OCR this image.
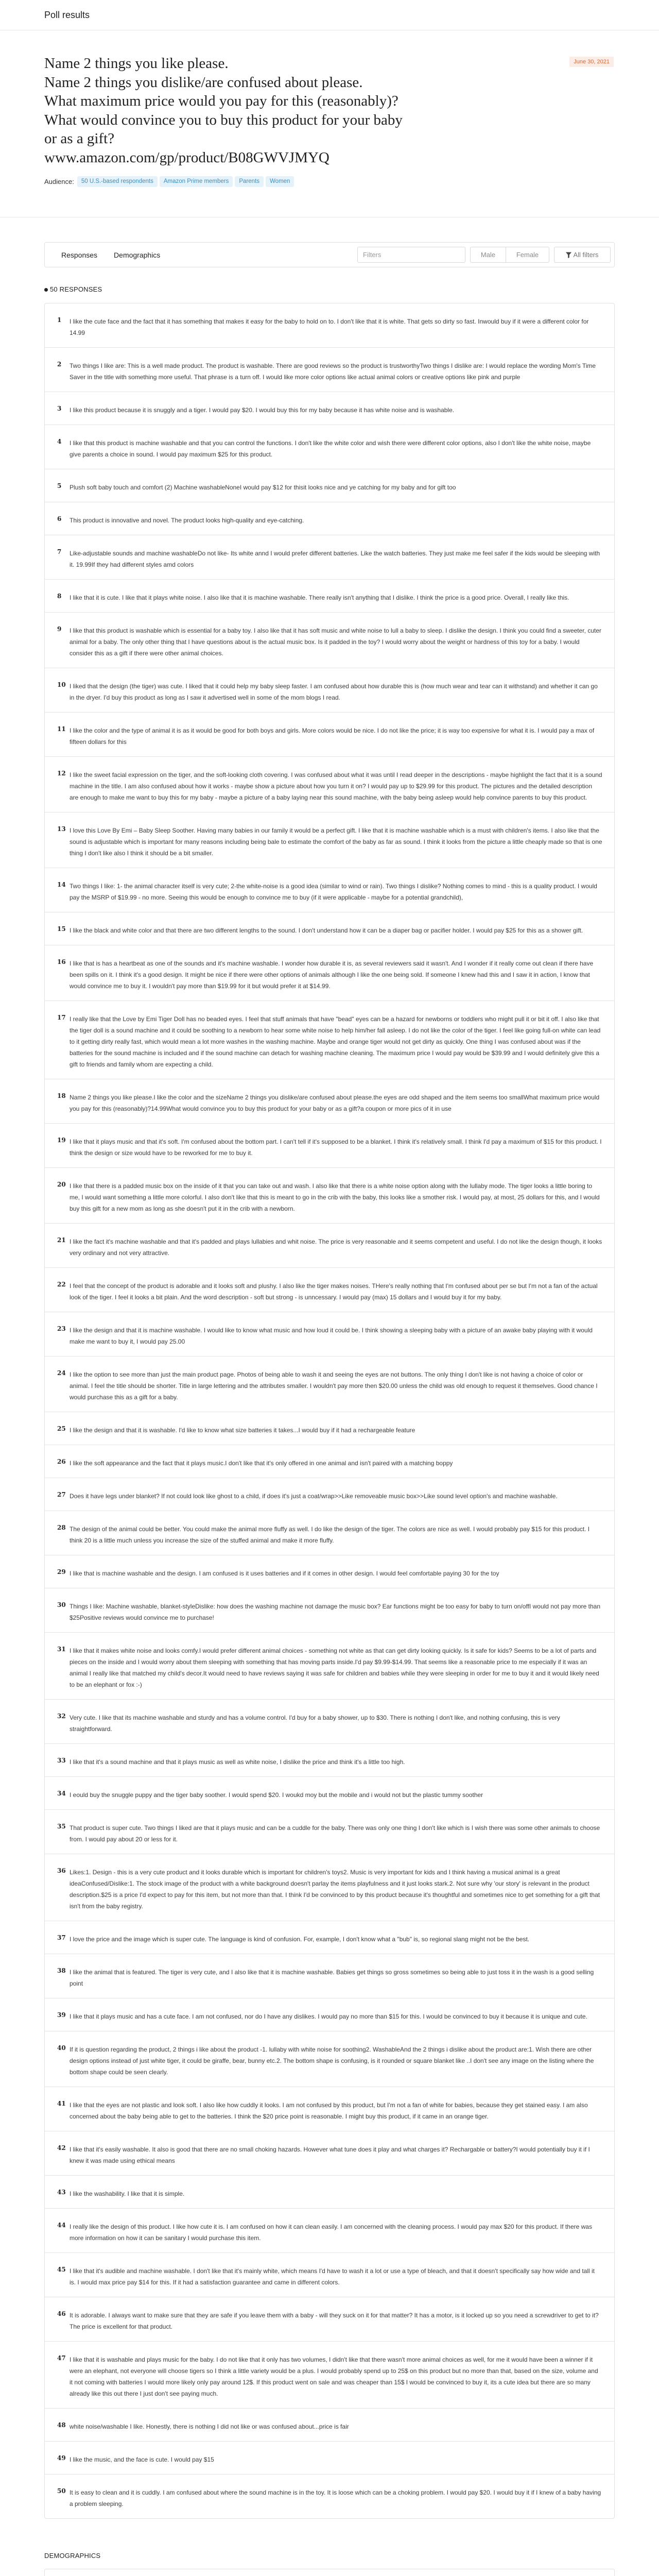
Poll results
June 30, 2021
Name 2 things you like please.
Name 2 things you dislike/are confused about please.
What maximum price would you pay for this (reasonably)?
What would convince you to buy this product for your baby or as a gift?
www.amazon.com/gp/product/B08GWVJMYQ
Audience:	50 U.S.-based respondents	Amazon Prime members	Parents	Women
Responses	Demographics
Filters	Male	Female	All filters
50 RESPONSES
1	I like the cute face and the fact that it has something that makes it easy for the baby to hold on to. I don't like that it is white. That gets so dirty so fast. Inwould buy if it were a different color for 14.99
2	Two things I like are: This is a well made product. The product is washable. There are good reviews so the product is trustworthyTwo things I dislike are: I would replace the wording Mom's Time Saver in the title with something more useful. That phrase is a turn off. I would like more color options like actual animal colors or creative options like pink and purple
3	I like this product because it is snuggly and a tiger. I would pay $20. I would buy this for my baby because it has white noise and is washable.
4	I like that this product is machine washable and that you can control the functions. I don't like the white color and wish there were different color options, also I don't like the white noise, maybe give parents a choice in sound. I would pay maximum $25 for this product.
5	Plush soft baby touch and comfort (2) Machine washableNoneI would pay $12 for thisit looks nice and ye catching for my baby and for gift too
6	This product is innovative and novel. The product looks high-quality and eye-catching.
7	Like-adjustable sounds and machine washableDo not like- Its white annd I would prefer different batteries. Like the watch batteries. They just make me feel safer if the kids would be sleeping with it. 19.99If they had different styles amd colors
8	I like that it is cute. I like that it plays white noise. I also like that it is machine washable. There really isn't anything that I dislike. I think the price is a good price. Overall, I really like this.
9	I like that this product is washable which is essential for a baby toy. I also like that it has soft music and white noise to lull a baby to sleep. I dislike the design. I think you could find a sweeter, cuter animal for a baby. The only other thing that I have questions about is the actual music box. Is it padded in the toy? I would worry about the weight or hardness of this toy for a baby. I would consider this as a gift if there were other animal choices.
10 I liked that the design (the tiger) was cute. I liked that it could help my baby sleep faster. I am confused about how durable this is (how much wear and tear can it withstand) and whether it can go in the dryer. I'd buy this product as long as I saw it advertised well in some of the mom blogs I read.
11 I like the color and the type of animal it is as it would be good for both boys and girls. More colors would be nice. I do not like the price; it is way too expensive for what it is. I would pay a max of fifteen dollars for this
12 I like the sweet facial expression on the tiger, and the soft-looking cloth covering. I was confused about what it was until I read deeper in the descriptions - maybe highlight the fact that it is a sound machine in the title. I am also confused about how it works - maybe show a picture about how you turn it on? I would pay up to $29.99 for this product. The pictures and the detailed description are enough to make me want to buy this for my baby - maybe a picture of a baby laying near this sound machine, with the baby being asleep would help convince parents to buy this product.
13 I love this Love By Emi – Baby Sleep Soother. Having many babies in our family it would be a perfect gift. I like that it is machine washable which is a must with children's items. I also like that the sound is adjustable which is important for many reasons including being bale to estimate the comfort of the baby as far as sound. I think it looks from the picture a little cheaply made so that is one thing I don't like also I think it should be a bit smaller.
14 Two things I like: 1- the animal character itself is very cute; 2-the white-noise is a good idea (similar to wind or rain). Two things I dislike? Nothing comes to mind - this is a quality product. I would pay the MSRP of $19.99 - no more. Seeing this would be enough to convince me to buy (if it were applicable - maybe for a potential grandchild),
15 I like the black and white color and that there are two different lengths to the sound. I don't understand how it can be a diaper bag or pacifier holder. I would pay $25 for this as a shower gift.
16 I like that is has a heartbeat as one of the sounds and it's machine washable. I wonder how durable it is, as several reviewers said it wasn't. And I wonder if it really come out clean if there have been spills on it. I think it's a good design. It might be nice if there were other options of animals although I like the one being sold. If someone I knew had this and I saw it in action, I know that would convince me to buy it. I wouldn't pay more than $19.99 for it but would prefer it at $14.99.
17 I really like that the Love by Emi Tiger Doll has no beaded eyes. I feel that stuff animals that have "bead" eyes can be a hazard for newborns or toddlers who might pull it or bit it off. I also like that the tiger doll is a sound machine and it could be soothing to a newborn to hear some white noise to help him/her fall asleep. I do not like the color of the tiger. I feel like going full-on white can lead to it getting dirty really fast, which would mean a lot more washes in the washing machine. Maybe and orange tiger would not get dirty as quickly. One thing I was confused about was if the batteries for the sound machine is included and if the sound machine can detach for washing machine cleaning. The maximum price I would pay would be $39.99 and I would definitely give this a gift to friends and family whom are expecting a child.
18 Name 2 things you like please.I like the color and the sizeName 2 things you dislike/are confused about please.the eyes are odd shaped and the item seems too smallWhat maximum price would you pay for this (reasonably)?14.99What would convince you to buy this product for your baby or as a gift?a coupon or more pics of it in use
19 I like that it plays music and that it's soft. I'm confused about the bottom part. I can't tell if it's supposed to be a blanket. I think it's relatively small. I think I'd pay a maximum of $15 for this product. I think the design or size would have to be reworked for me to buy it.
20 I like that there is a padded music box on the inside of it that you can take out and wash. I also like that there is a white noise option along with the lullaby mode. The tiger looks a little boring to me, I would want something a little more colorful. I also don't like that this is meant to go in the crib with the baby, this looks like a smother risk. I would pay, at most, 25 dollars for this, and I would buy this gift for a new mom as long as she doesn't put it in the crib with a newborn.
21 I like the fact it's machine washable and that it's padded and plays lullabies and whit noise. The price is very reasonable and it seems competent and useful. I do not like the design though, it looks very ordinary and not very attractive.
22 I feel that the concept of the product is adorable and it looks soft and plushy. I also like the tiger makes noises. THere's really nothing that I'm confused about per se but I'm not a fan of the actual look of the tiger. I feel it looks a bit plain. And the word description - soft but strong - is unncessary. I would pay (max) 15 dollars and I would buy it for my baby.
23 I like the design and that it is machine washable. I would like to know what music and how loud it could be. I think showing a sleeping baby with a picture of an awake baby playing with it would make me want to buy it, I would pay 25.00
24 I like the option to see more than just the main product page. Photos of being able to wash it and seeing the eyes are not buttons. The only thing I don't like is not having a choice of color or animal. I feel the title should be shorter. Title in large lettering and the attributes smaller. I wouldn't pay more then $20.00 unless the child was old enough to request it themselves. Good chance I would purchase this as a gift for a baby.
25 I like the design and that it is washable. I'd like to know what size batteries it takes...I would buy if it had a rechargeable feature
26 I like the soft appearance and the fact that it plays music.I don't like that it's only offered in one animal and isn't paired with a matching boppy
27 Does it have legs under blanket? If not could look like ghost to a child, if does it's just a coat/wrap>>Like removeable music box>>Like sound level option's and machine washable.
28 The design of the animal could be better. You could make the animal more fluffy as well. I do like the design of the tiger. The colors are nice as well. I would probably pay $15 for this product. I think 20 is a little much unless you increase the size of the stuffed animal and make it more fluffy.
29 I like that is machine washable and the design. I am confused is it uses batteries and if it comes in other design. I would feel comfortable paying 30 for the toy
30 Things I like: Machine washable, blanket-styleDislike: how does the washing machine not damage the music box? Ear functions might be too easy for baby to turn on/offI would not pay more than $25Positive reviews would convince me to purchase!
31 I like that it makes white noise and looks comfy.I would prefer different animal choices - something not white as that can get dirty looking quickly. Is it safe for kids? Seems to be a lot of parts and pieces on the inside and I would worry about them sleeping with something that has moving parts inside.I'd pay $9.99-$14.99. That seems like a reasonable price to me especially if it was an animal I really like that matched my child's decor.It would need to have reviews saying it was safe for children and babies while they were sleeping in order for me to buy it and it would likely need to be an elephant or fox :-)
32 Very cute. I like that its machine washable and sturdy and has a volume control. I'd buy for a baby shower, up to $30. There is nothing I don't like, and nothing confusing, this is very straightforward.
33 I like that it's a sound machine and that it plays music as well as white noise, I dislike the price and think it's a little too high.
34 I eould buy the snuggle puppy and the tiger baby soother. I would spend $20. I woukd moy but the mobile and i would not but the plastic tummy soother
35 That product is super cute. Two things I liked are that it plays music and can be a cuddle for the baby. There was only one thing I don't like which is I wish there was some other animals to choose from. I would pay about 20 or less for it.
36 Likes:1. Design - this is a very cute product and it looks durable which is important for children's toys2. Music is very important for kids and I think having a musical animal is a great ideaConfused/Dislike:1. The stock image of the product with a white background doesn't parlay the items playfulness and it just looks stark.2. Not sure why 'our story' is relevant in the product description.$25 is a price I'd expect to pay for this item, but not more than that. I think I'd be convinced to by this product because it's thoughtful and sometimes nice to get something for a gift that isn't from the baby registry.
37 I love the price and the image which is super cute. The language is kind of confusion. For, example, I don't know what a "bub" is, so regional slang might not be the best.
38 I like the animal that is featured. The tiger is very cute, and I also like that it is machine washable. Babies get things so gross sometimes so being able to just toss it in the wash is a good selling point
39 I like that it plays music and has a cute face. I am not confused, nor do I have any dislikes. I would pay no more than $15 for this. I would be convinced to buy it because it is unique and cute.
40 If it is question regarding the product, 2 things i like about the product -1. lullaby with white noise for soothing2. WashableAnd the 2 things i dislike about the product are:1. Wish there are other design options instead of just white tiger, it could be giraffe, bear, bunny etc.2. The bottom shape is confusing, is it rounded or square blanket like ..I don't see any image on the listing where the bottom shape could be seen clearly.
41 I like that the eyes are not plastic and look soft. I also like how cuddly it looks. I am not confused by this product, but I'm not a fan of white for babies, because they get stained easy. I am also concerned about the baby being able to get to the batteries. I think the $20 price point is reasonable. I might buy this product, if it came in an orange tiger.
42 I like that it's easily washable. It also is good that there are no small choking hazards. However what tune does it play and what charges it? Rechargable or battery?I would potentially buy it if I knew it was made using ethical means
43 I like the washability. I like that it is simple.
44 I really like the design of this product. I like how cute it is. I am confused on how it can clean easily. I am concerned with the cleaning process. I would pay max $20 for this product. If there was more information on how it can be sanitary I would purchase this item.
45 I like that it's audible and machine washable. I don't like that it's mainly white, which means I'd have to wash it a lot or use a type of bleach, and that it doesn't specifically say how wide and tall it is. I would max price pay $14 for this. If it had a satisfaction guarantee and came in different colors.
46 It is adorable. I always want to make sure that they are safe if you leave them with a baby - will they suck on it for that matter? It has a motor, is it locked up so you need a screwdriver to get to it? The price is excellent for that product.
47 I like that it is washable and plays music for the baby. I do not like that it only has two volumes, I didn't like that there wasn't more animal choices as well, for me it would have been a winner if it were an elephant, not everyone will choose tigers so I think a little variety would be a plus. I would probably spend up to 25$ on this product but no more than that, based on the size, volume and it not coming with batteries I would more likely only pay around 12$. If this product went on sale and was cheaper than 15$ I would be convinced to buy it, its a cute idea but there are so many already like this out there I just don't see paying much.
48 white noise/washable I like. Honestly, there is nothing I did not like or was confused about...price is fair
49 I like the music, and the face is cute. I would pay $15
50 It is easy to clean and it is cuddly. I am confused about where the sound machine is in the toy. It is loose which can be a choking problem. I would pay $20. I would buy it if I knew of a baby having a problem sleeping.
DEMOGRAPHICS
